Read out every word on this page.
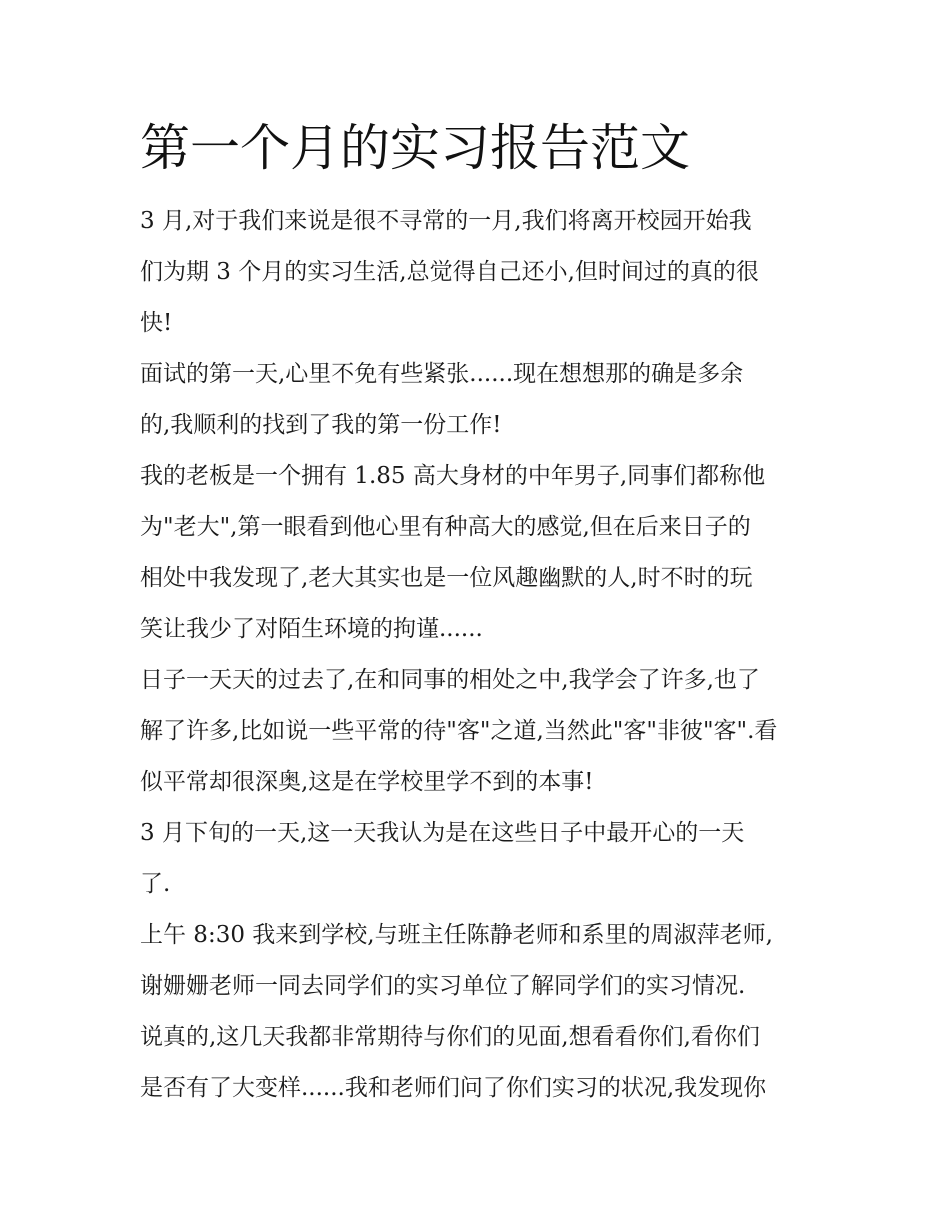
第一个月的实习报告范文
3 月,对于我们来说是很不寻常的一月,我们将离开校园开始我
们为期 3 个月的实习生活,总觉得自己还小,但时间过的真的很
快!
面试的第一天,心里不免有些紧张......现在想想那的确是多余
的,我顺利的找到了我的第一份工作!
我的老板是一个拥有 1.85 高大身材的中年男子,同事们都称他
为"老大",第一眼看到他心里有种高大的感觉,但在后来日子的
相处中我发现了,老大其实也是一位风趣幽默的人,时不时的玩
笑让我少了对陌生环境的拘谨......
日子一天天的过去了,在和同事的相处之中,我学会了许多,也了
解了许多,比如说一些平常的待"客"之道,当然此"客"非彼"客".看
似平常却很深奥,这是在学校里学不到的本事!
3 月下旬的一天,这一天我认为是在这些日子中最开心的一天
了.
上午 8:30 我来到学校,与班主任陈静老师和系里的周淑萍老师,
谢姗姗老师一同去同学们的实习单位了解同学们的实习情况.
说真的,这几天我都非常期待与你们的见面,想看看你们,看你们
是否有了大变样......我和老师们问了你们实习的状况,我发现你
